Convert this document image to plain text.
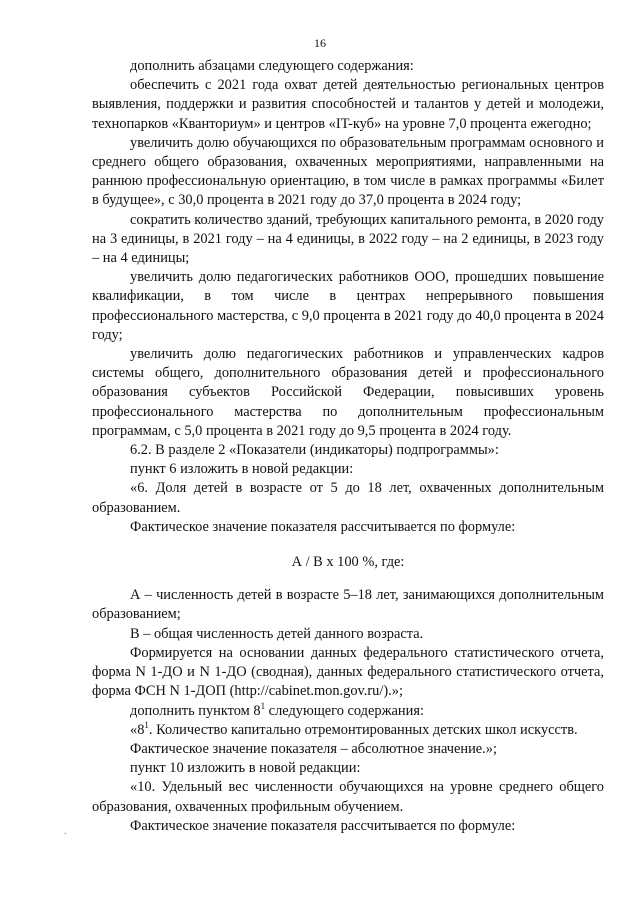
16

дополнить абзацами следующего содержания:

обеспечить с 2021 года охват детей деятельностью региональных центров выявления, поддержки и развития способностей и талантов у детей и молодежи, технопарков «Кванториум» и центров «IT-куб» на уровне 7,0 процента ежегодно;

увеличить долю обучающихся по образовательным программам основного и среднего общего образования, охваченных мероприятиями, направленными на раннюю профессиональную ориентацию, в том числе в рамках программы «Билет в будущее», с 30,0 процента в 2021 году до 37,0 процента в 2024 году;

сократить количество зданий, требующих капитального ремонта, в 2020 году на 3 единицы, в 2021 году – на 4 единицы, в 2022 году – на 2 единицы, в 2023 году – на 4 единицы;

увеличить долю педагогических работников ООО, прошедших повышение квалификации, в том числе в центрах непрерывного повышения профессионального мастерства, с 9,0 процента в 2021 году до 40,0 процента в 2024 году;

увеличить долю педагогических работников и управленческих кадров системы общего, дополнительного образования детей и профессионального образования субъектов Российской Федерации, повысивших уровень профессионального мастерства по дополнительным профессиональным программам, с 5,0 процента в 2021 году до 9,5 процента в 2024 году.

6.2. В разделе 2 «Показатели (индикаторы) подпрограммы»:

пункт 6 изложить в новой редакции:

«6. Доля детей в возрасте от 5 до 18 лет, охваченных дополнительным образованием.

Фактическое значение показателя рассчитывается по формуле:

А / В х 100 %, где:

А – численность детей в возрасте 5–18 лет, занимающихся дополнительным образованием;

В – общая численность детей данного возраста.

Формируется на основании данных федерального статистического отчета, форма N 1-ДО и N 1-ДО (сводная), данных федерального статистического отчета, форма ФСН N 1-ДОП (http://cabinet.mon.gov.ru/).»;

дополнить пунктом $8^1$ следующего содержания:

«$8^1$. Количество капитально отремонтированных детских школ искусств.

Фактическое значение показателя – абсолютное значение.»;

пункт 10 изложить в новой редакции:

«10. Удельный вес численности обучающихся на уровне среднего общего образования, охваченных профильным обучением.

Фактическое значение показателя рассчитывается по формуле:

.
